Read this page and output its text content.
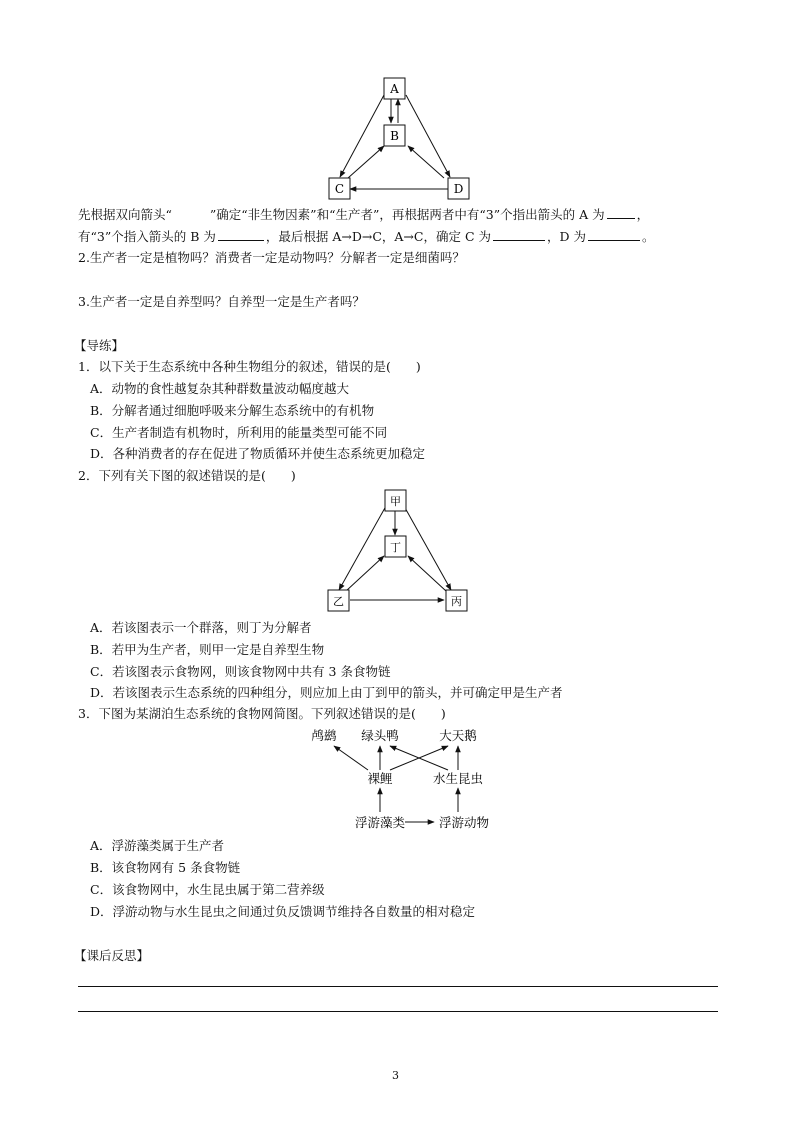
A
B
C	D
先根据双向箭头“	”确定“非生物因素”和“生产者”，再根据两者中有“3”个指出箭头的 A 为	，
有“3”个指入箭头的 B 为	，最后根据 A→D→C，A→C，确定 C 为	，D 为	。
2.生产者一定是植物吗？消费者一定是动物吗？分解者一定是细菌吗？
3.生产者一定是自养型吗？自养型一定是生产者吗？
【导练】
1．以下关于生态系统中各种生物组分的叙述，错误的是(　　)
A．动物的食性越复杂其种群数量波动幅度越大
B．分解者通过细胞呼吸来分解生态系统中的有机物
C．生产者制造有机物时，所利用的能量类型可能不同
D．各种消费者的存在促进了物质循环并使生态系统更加稳定
2．下列有关下图的叙述错误的是(　　)
甲
丁
乙	丙
A．若该图表示一个群落，则丁为分解者
B．若甲为生产者，则甲一定是自养型生物
C．若该图表示食物网，则该食物网中共有 3 条食物链
D．若该图表示生态系统的四种组分，则应加上由丁到甲的箭头，并可确定甲是生产者
3．下图为某湖泊生态系统的食物网简图。下列叙述错误的是(　　)
鸬鹚 绿头鸭	大天鹅
裸鲤	水生昆虫
浮游藻类	浮游动物
A．浮游藻类属于生产者
B．该食物网有 5 条食物链
C．该食物网中，水生昆虫属于第二营养级
D．浮游动物与水生昆虫之间通过负反馈调节维持各自数量的相对稳定
【课后反思】
3
